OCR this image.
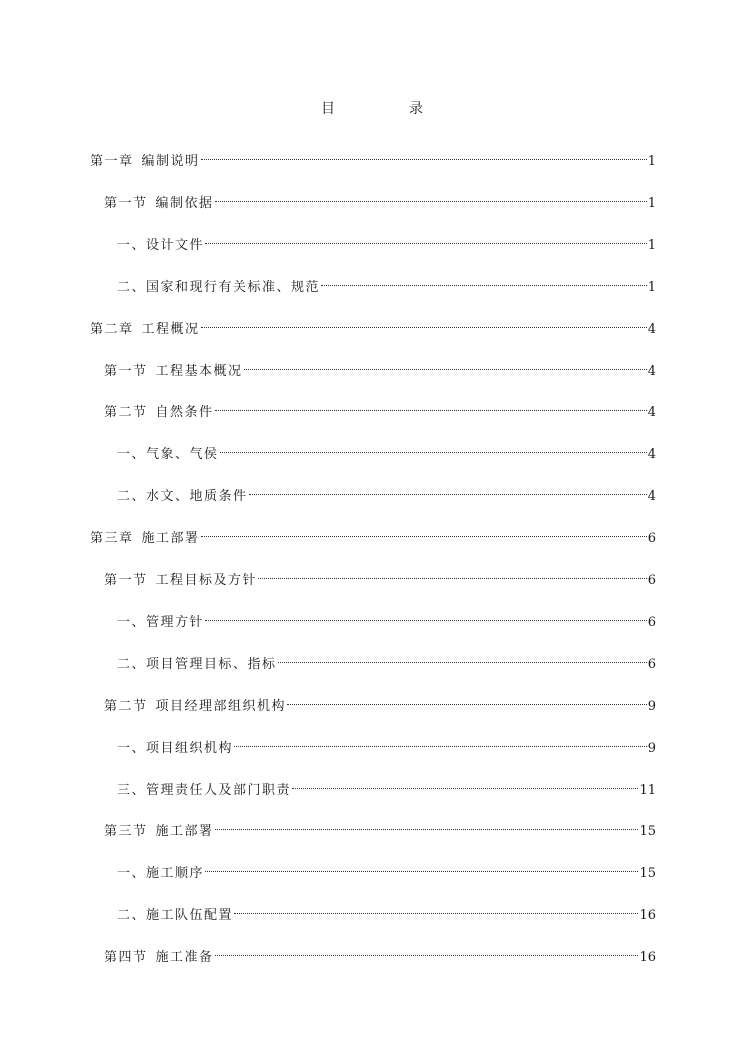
目　录
第一章 编制说明	1
第一节 编制依据	1
一、 设计文件	1
二、 国家和现行有关标准、规范	1
第二章 工程概况	4
第一节 工程基本概况	4
第二节 自然条件	4
一、 气象、气侯	4
二、 水文、地质条件	4
第三章 施工部署	6
第一节 工程目标及方针	6
一、 管理方针	6
二、 项目管理目标、指标	6
第二节 项目经理部组织机构	9
一、 项目组织机构	9
三、 管理责任人及部门职责	11
第三节 施工部署	15
一、 施工顺序	15
二、 施工队伍配置	16
第四节 施工准备	16
